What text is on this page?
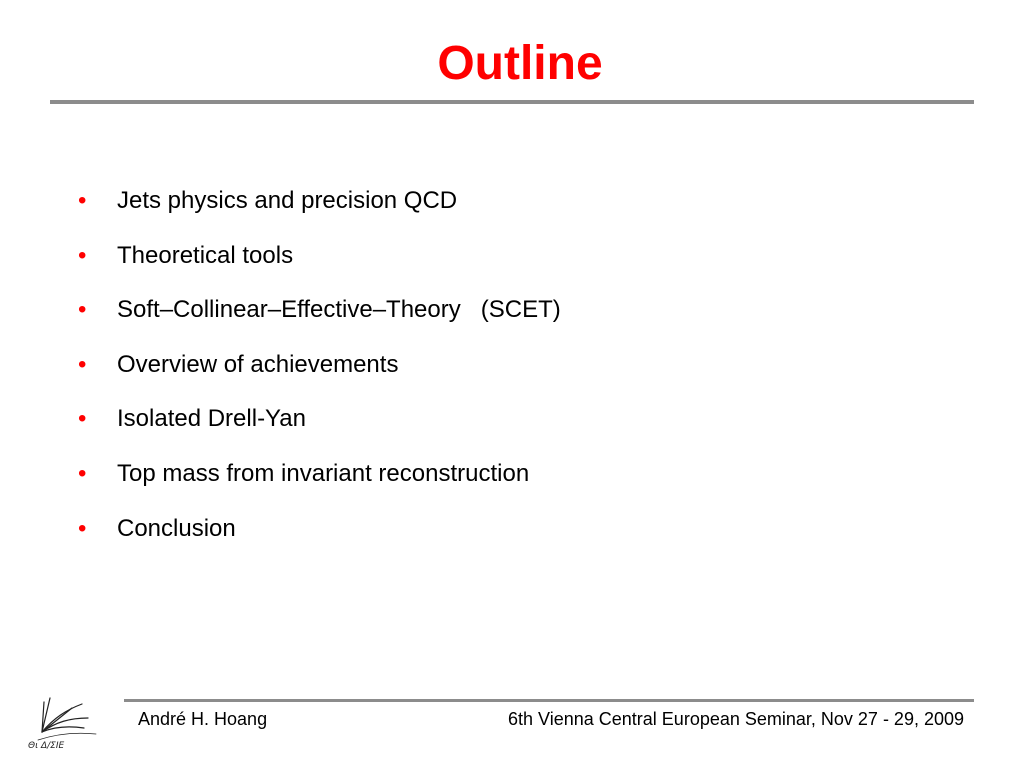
Outline

•

Jets physics and precision QCD

•

Theoretical tools

•

Soft–Collinear–Effective–Theory   (SCET)

•

Overview of achievements

•

Isolated Drell-Yan

•

Top mass from invariant reconstruction

•

Conclusion

Θι Δ/ΣΙΕ
André H. Hoang	6th Vienna Central European Seminar, Nov 27 - 29, 2009
